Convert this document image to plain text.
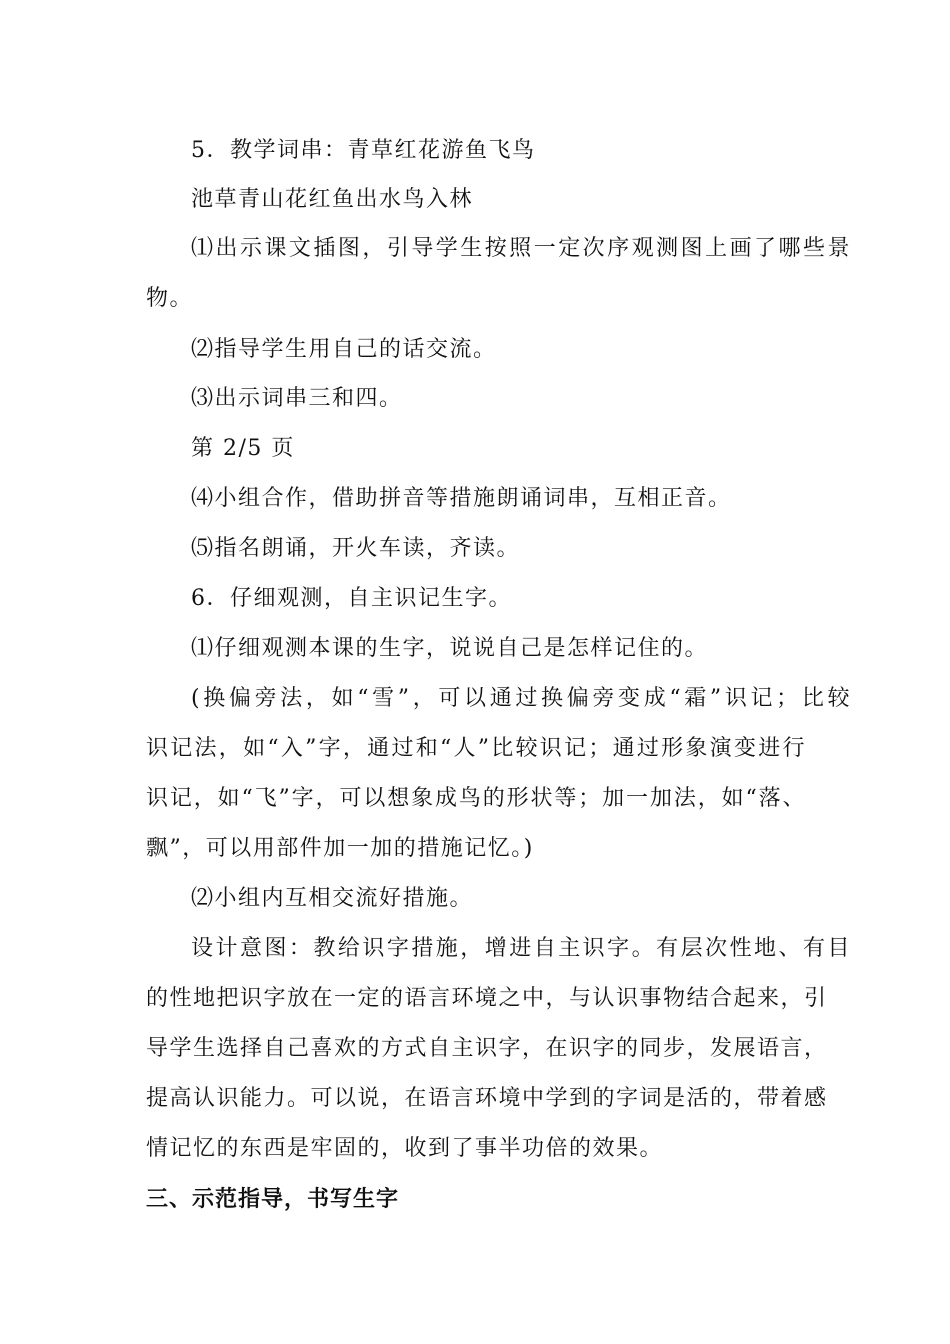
5．教学词串：青草红花游鱼飞鸟
池草青山花红鱼出水鸟入林
⑴出示课文插图，引导学生按照一定次序观测图上画了哪些景
物。
⑵指导学生用自己的话交流。
⑶出示词串三和四。
第 2/5 页
⑷小组合作，借助拼音等措施朗诵词串，互相正音。
⑸指名朗诵，开火车读，齐读。
6．仔细观测，自主识记生字。
⑴仔细观测本课的生字，说说自己是怎样记住的。
(换偏旁法，如“雪”，可以通过换偏旁变成“霜”识记；比较
识记法，如“入”字，通过和“人”比较识记；通过形象演变进行
识记，如“飞”字，可以想象成鸟的形状等；加一加法，如“落、
飘”，可以用部件加一加的措施记忆。)
⑵小组内互相交流好措施。
设计意图：教给识字措施，增进自主识字。有层次性地、有目
的性地把识字放在一定的语言环境之中，与认识事物结合起来，引
导学生选择自己喜欢的方式自主识字，在识字的同步，发展语言，
提高认识能力。可以说，在语言环境中学到的字词是活的，带着感
情记忆的东西是牢固的，收到了事半功倍的效果。
三、示范指导，书写生字
